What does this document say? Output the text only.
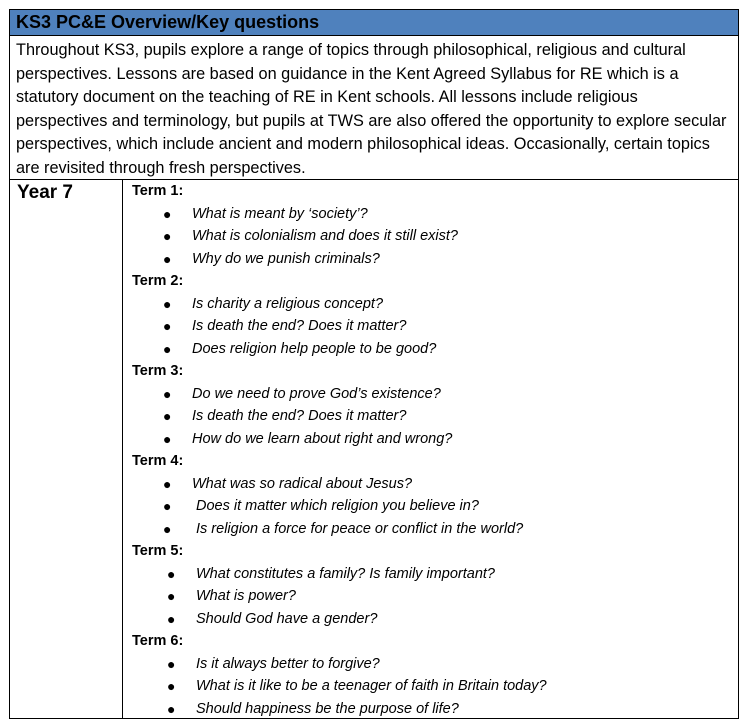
KS3 PC&E Overview/Key questions

Throughout KS3, pupils explore a range of topics through philosophical, religious and cultural perspectives. Lessons are based on guidance in the Kent Agreed Syllabus for RE which is a statutory document on the teaching of RE in Kent schools. All lessons include religious perspectives and terminology, but pupils at TWS are also offered the opportunity to explore secular perspectives, which include ancient and modern philosophical ideas. Occasionally, certain topics are revisited through fresh perspectives.

Year 7	Term 1:
● What is meant by ‘society’?
● What is colonialism and does it still exist?
● Why do we punish criminals?
Term 2:
● Is charity a religious concept?
● Is death the end? Does it matter?
● Does religion help people to be good?
Term 3:
● Do we need to prove God’s existence?
● Is death the end? Does it matter?
● How do we learn about right and wrong?
Term 4:
● What was so radical about Jesus?
● Does it matter which religion you believe in?
● Is religion a force for peace or conflict in the world?
Term 5:
● What constitutes a family? Is family important?
● What is power?
● Should God have a gender?
Term 6:
● Is it always better to forgive?
● What is it like to be a teenager of faith in Britain today?
● Should happiness be the purpose of life?
